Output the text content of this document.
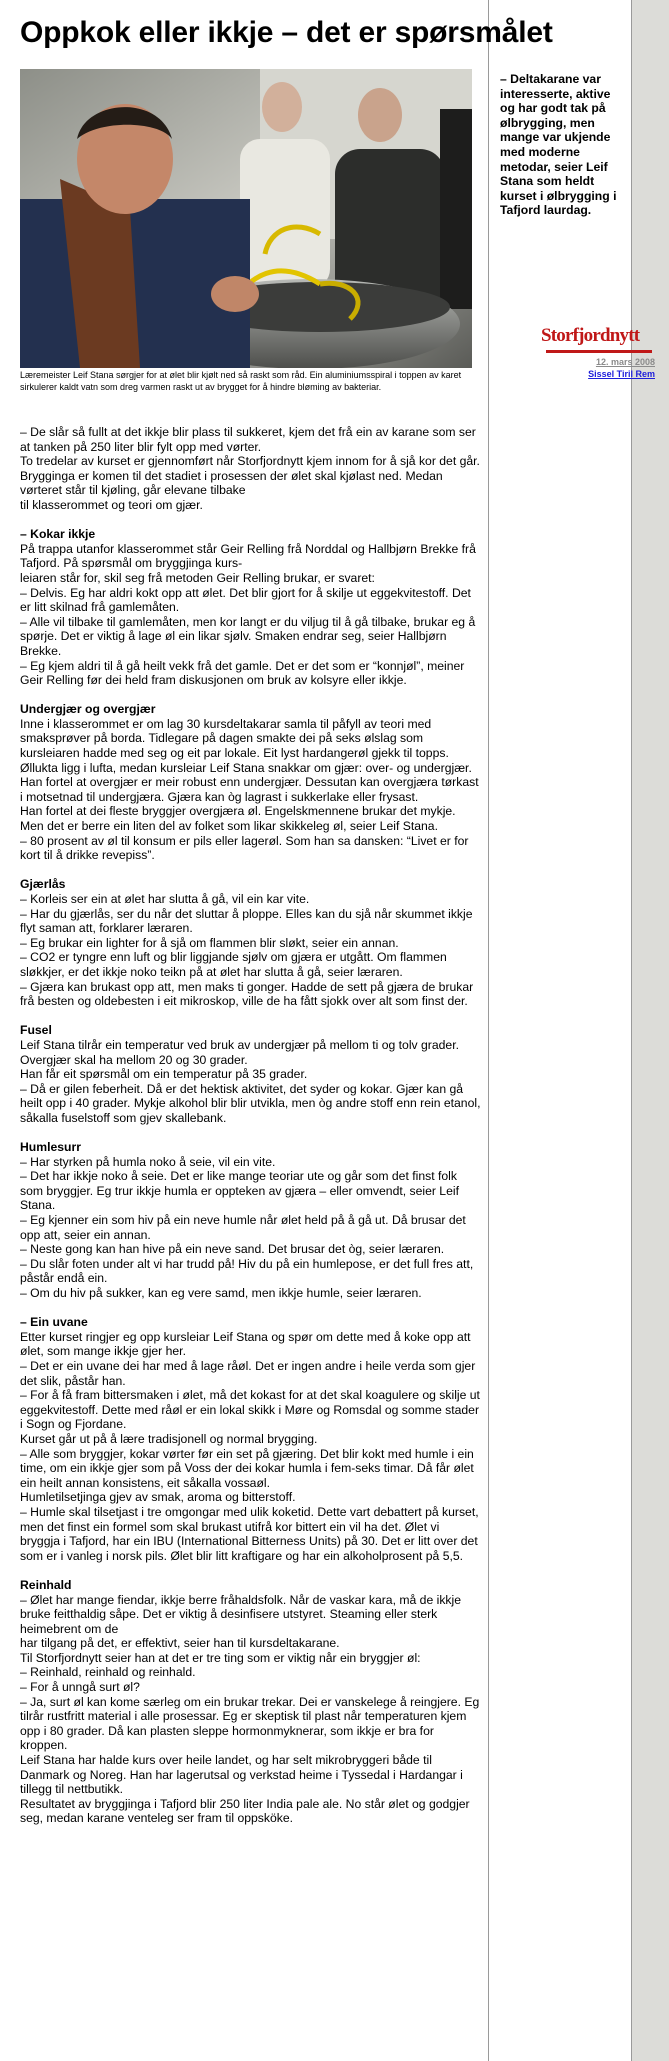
Oppkok eller ikkje – det er spørsmålet
Læremeister Leif Stana sørgjer for at ølet blir kjølt ned så raskt som råd. Ein aluminiumsspiral i toppen av karet sirkulerer kaldt vatn som dreg varmen raskt ut av brygget for å hindre bløming av bakteriar.

– De slår så fullt at det ikkje blir plass til sukkeret, kjem det frå ein av karane som ser at tanken på 250 liter blir fylt opp med vørter.

To tredelar av kurset er gjennomført når Storfjordnytt kjem innom for å sjå kor det går.

Brygginga er komen til det stadiet i prosessen der ølet skal kjølast ned. Medan vørteret står til kjøling, går elevane tilbake

til klasserommet og teori om gjær.

– Kokar ikkje

På trappa utanfor klasserommet står Geir Relling frå Norddal og Hallbjørn Brekke frå Tafjord. På spørsmål om bryggjinga kurs-

leiaren står for, skil seg frå metoden Geir Relling brukar, er svaret:

– Delvis. Eg har aldri kokt opp att ølet. Det blir gjort for å skilje ut eggekvitestoff. Det er litt skilnad frå gamlemåten.

– Alle vil tilbake til gamlemåten, men kor langt er du viljug til å gå tilbake, brukar eg å spørje. Det er viktig å lage øl ein likar sjølv. Smaken endrar seg, seier Hallbjørn Brekke.

– Eg kjem aldri til å gå heilt vekk frå det gamle. Det er det som er “konnjøl”, meiner Geir Relling før dei held fram diskusjonen om bruk av kolsyre eller ikkje.

Undergjær og overgjær

Inne i klasserommet er om lag 30 kursdeltakarar samla til påfyll av teori med smaksprøver på borda. Tidlegare på dagen smakte dei på seks ølslag som kursleiaren hadde med seg og eit par lokale. Eit lyst hardangerøl gjekk til topps. Øllukta ligg i lufta, medan kursleiar Leif Stana snakkar om gjær: over- og undergjær. Han fortel at overgjær er meir robust enn undergjær. Dessutan kan overgjæra tørkast i motsetnad til undergjæra. Gjæra kan òg lagrast i sukkerlake eller frysast.

Han fortel at dei fleste bryggjer overgjæra øl. Engelskmennene brukar det mykje. Men det er berre ein liten del av folket som likar skikkeleg øl, seier Leif Stana.

– 80 prosent av øl til konsum er pils eller lagerøl. Som han sa dansken: “Livet er for kort til å drikke revepiss”.

Gjærlås

– Korleis ser ein at ølet har slutta å gå, vil ein kar vite.

– Har du gjærlås, ser du når det sluttar å ploppe. Elles kan du sjå når skummet ikkje flyt saman att, forklarer læraren.

– Eg brukar ein lighter for å sjå om flammen blir sløkt, seier ein annan.

– CO2 er tyngre enn luft og blir liggjande sjølv om gjæra er utgått. Om flammen sløkkjer, er det ikkje noko teikn på at ølet har slutta å gå, seier læraren.

– Gjæra kan brukast opp att, men maks ti gonger. Hadde de sett på gjæra de brukar frå besten og oldebesten i eit mikroskop, ville de ha fått sjokk over alt som finst der.

Fusel

Leif Stana tilrår ein temperatur ved bruk av undergjær på mellom ti og tolv grader. Overgjær skal ha mellom 20 og 30 grader.

Han får eit spørsmål om ein temperatur på 35 grader.

– Då er gilen feberheit. Då er det hektisk aktivitet, det syder og kokar. Gjær kan gå heilt opp i 40 grader. Mykje alkohol blir blir utvikla, men òg andre stoff enn rein etanol, såkalla fuselstoff som gjev skallebank.

Humlesurr

– Har styrken på humla noko å seie, vil ein vite.

– Det har ikkje noko å seie. Det er like mange teoriar ute og går som det finst folk som bryggjer. Eg trur ikkje humla er oppteken av gjæra – eller omvendt, seier Leif Stana.

– Eg kjenner ein som hiv på ein neve humle når ølet held på å gå ut. Då brusar det opp att, seier ein annan.

– Neste gong kan han hive på ein neve sand. Det brusar det òg, seier læraren.

– Du slår foten under alt vi har trudd på! Hiv du på ein humlepose, er det full fres att, påstår endå ein.

– Om du hiv på sukker, kan eg vere samd, men ikkje humle, seier læraren.

– Ein uvane

Etter kurset ringjer eg opp kursleiar Leif Stana og spør om dette med å koke opp att ølet, som mange ikkje gjer her.

– Det er ein uvane dei har med å lage råøl. Det er ingen andre i heile verda som gjer det slik, påstår han.

– For å få fram bittersmaken i ølet, må det kokast for at det skal koagulere og skilje ut eggekvitestoff. Dette med råøl er ein lokal skikk i Møre og Romsdal og somme stader i Sogn og Fjordane.

Kurset går ut på å lære tradisjonell og normal brygging.

– Alle som bryggjer, kokar vørter før ein set på gjæring. Det blir kokt med humle i ein time, om ein ikkje gjer som på Voss der dei kokar humla i fem-seks timar. Då får ølet ein heilt annan konsistens, eit såkalla vossaøl.

Humletilsetjinga gjev av smak, aroma og bitterstoff.

– Humle skal tilsetjast i tre omgongar med ulik koketid. Dette vart debattert på kurset, men det finst ein formel som skal brukast utifrå kor bittert ein vil ha det. Ølet vi bryggja i Tafjord, har ein IBU (International Bitterness Units) på 30. Det er litt over det som er i vanleg i norsk pils. Ølet blir litt kraftigare og har ein alkoholprosent på 5,5.

Reinhald

– Ølet har mange fiendar, ikkje berre fråhaldsfolk. Når de vaskar kara, må de ikkje bruke feitthaldig såpe. Det er viktig å desinfisere utstyret. Steaming eller sterk heimebrent om de

har tilgang på det, er effektivt, seier han til kursdeltakarane.

Til Storfjordnytt seier han at det er tre ting som er viktig når ein bryggjer øl:

– Reinhald, reinhald og reinhald.

– For å unngå surt øl?

– Ja, surt øl kan kome særleg om ein brukar trekar. Dei er vanskelege å reingjere. Eg tilrår rustfritt material i alle prosessar. Eg er skeptisk til plast når temperaturen kjem opp i 80 grader. Då kan plasten sleppe hormonmyknerar, som ikkje er bra for kroppen.

Leif Stana har halde kurs over heile landet, og har selt mikrobryggeri både til Danmark og Noreg. Han har lagerutsal og verkstad heime i Tyssedal i Hardangar i tillegg til nettbutikk.

Resultatet av bryggjinga i Tafjord blir 250 liter India pale ale. No står ølet og godgjer seg, medan karane venteleg ser fram til oppsköke.

– Deltakarane var interesserte, aktive og har godt tak på ølbrygging, men mange var ukjende med moderne metodar, seier Leif Stana som heldt kurset i ølbrygging i Tafjord laurdag.
Storfjordnytt
12. mars 2008
Sissel Tiril Rem
